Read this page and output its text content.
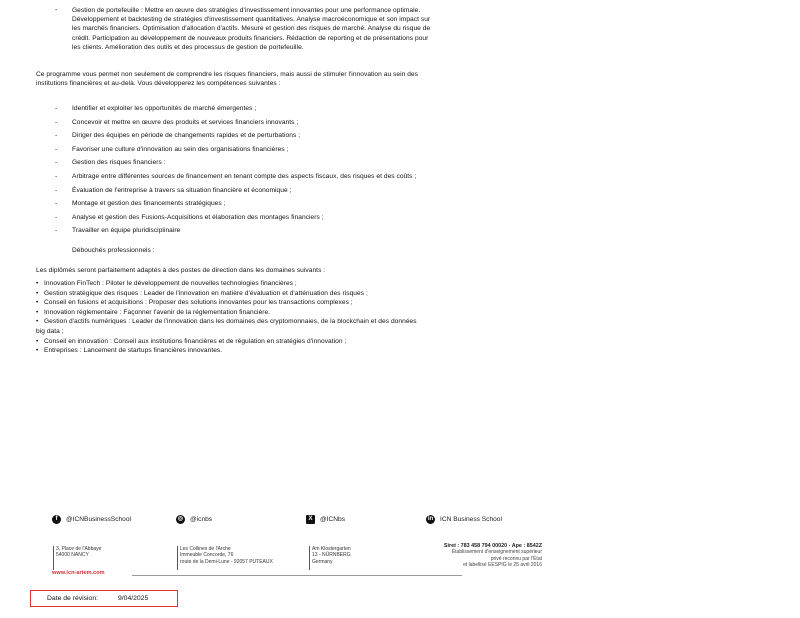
- Gestion de portefeuille : Mettre en œuvre des stratégies d'investissement innovantes pour une performance optimale.
Développement et backtesting de stratégies d'investissement quantitatives. Analyse macroéconomique et son impact sur
les marchés financiers. Optimisation d'allocation d'actifs. Mesure et gestion des risques de marché. Analyse du risque de
crédit. Participation au développement de nouveaux produits financiers. Rédaction de reporting et de présentations pour
les clients. Amélioration des outils et des processus de gestion de portefeuille.
Ce programme vous permet non seulement de comprendre les risques financiers, mais aussi de stimuler l'innovation au sein des
institutions financières et au-delà. Vous développerez les compétences suivantes :
- Identifier et exploiter les opportunités de marché émergentes ;
- Concevoir et mettre en œuvre des produits et services financiers innovants ;
- Diriger des équipes en période de changements rapides et de perturbations ;
- Favoriser une culture d'innovation au sein des organisations financières ;
- Gestion des risques financiers :
- Arbitrage entre différentes sources de financement en tenant compte des aspects fiscaux, des risques et des coûts ;
- Évaluation de l'entreprise à travers sa situation financière et économique ;
- Montage et gestion des financements stratégiques ;
- Analyse et gestion des Fusions-Acquisitions et élaboration des montages financiers ;
- Travailler en équipe pluridisciplinaire
Débouchés professionnels :
Les diplômés seront parfaitement adaptés à des postes de direction dans les domaines suivants :
• Innovation FinTech : Piloter le développement de nouvelles technologies financières ;
• Gestion stratégique des risques : Leader de l'innovation en matière d'évaluation et d'atténuation des risques ;
• Conseil en fusions et acquisitions : Proposer des solutions innovantes pour les transactions complexes ;
• Innovation réglementaire : Façonner l'avenir de la réglementation financière.
• Gestion d'actifs numériques : Leader de l'innovation dans les domaines des cryptomonnaies, de la blockchain et des données
big data ;
• Conseil en innovation : Conseil aux institutions financières et de régulation en stratégies d'innovation ;
• Entreprises : Lancement de startups financières innovantes.
f	@ICNBusinessSchool	◎ @icnbs	X	@ICNbs	in ICN Business School
3, Place de l'Abbaye
54000 NANCY
Les Collines de l'Arche
Immeuble Concorde, 76
route de la Demi-Lune - 92057 PUTEAUX
Am Klostergarten
13 - NÜRNBERG
Germany
Siret : 783 458 794 00020 - Ape : 8542Z
Établissement d'enseignement supérieur
privé reconnu par l'État
et labellisé EESPIG le 25 avril 2016
www.icn-artem.com
Date de révision:	9/04/2025
